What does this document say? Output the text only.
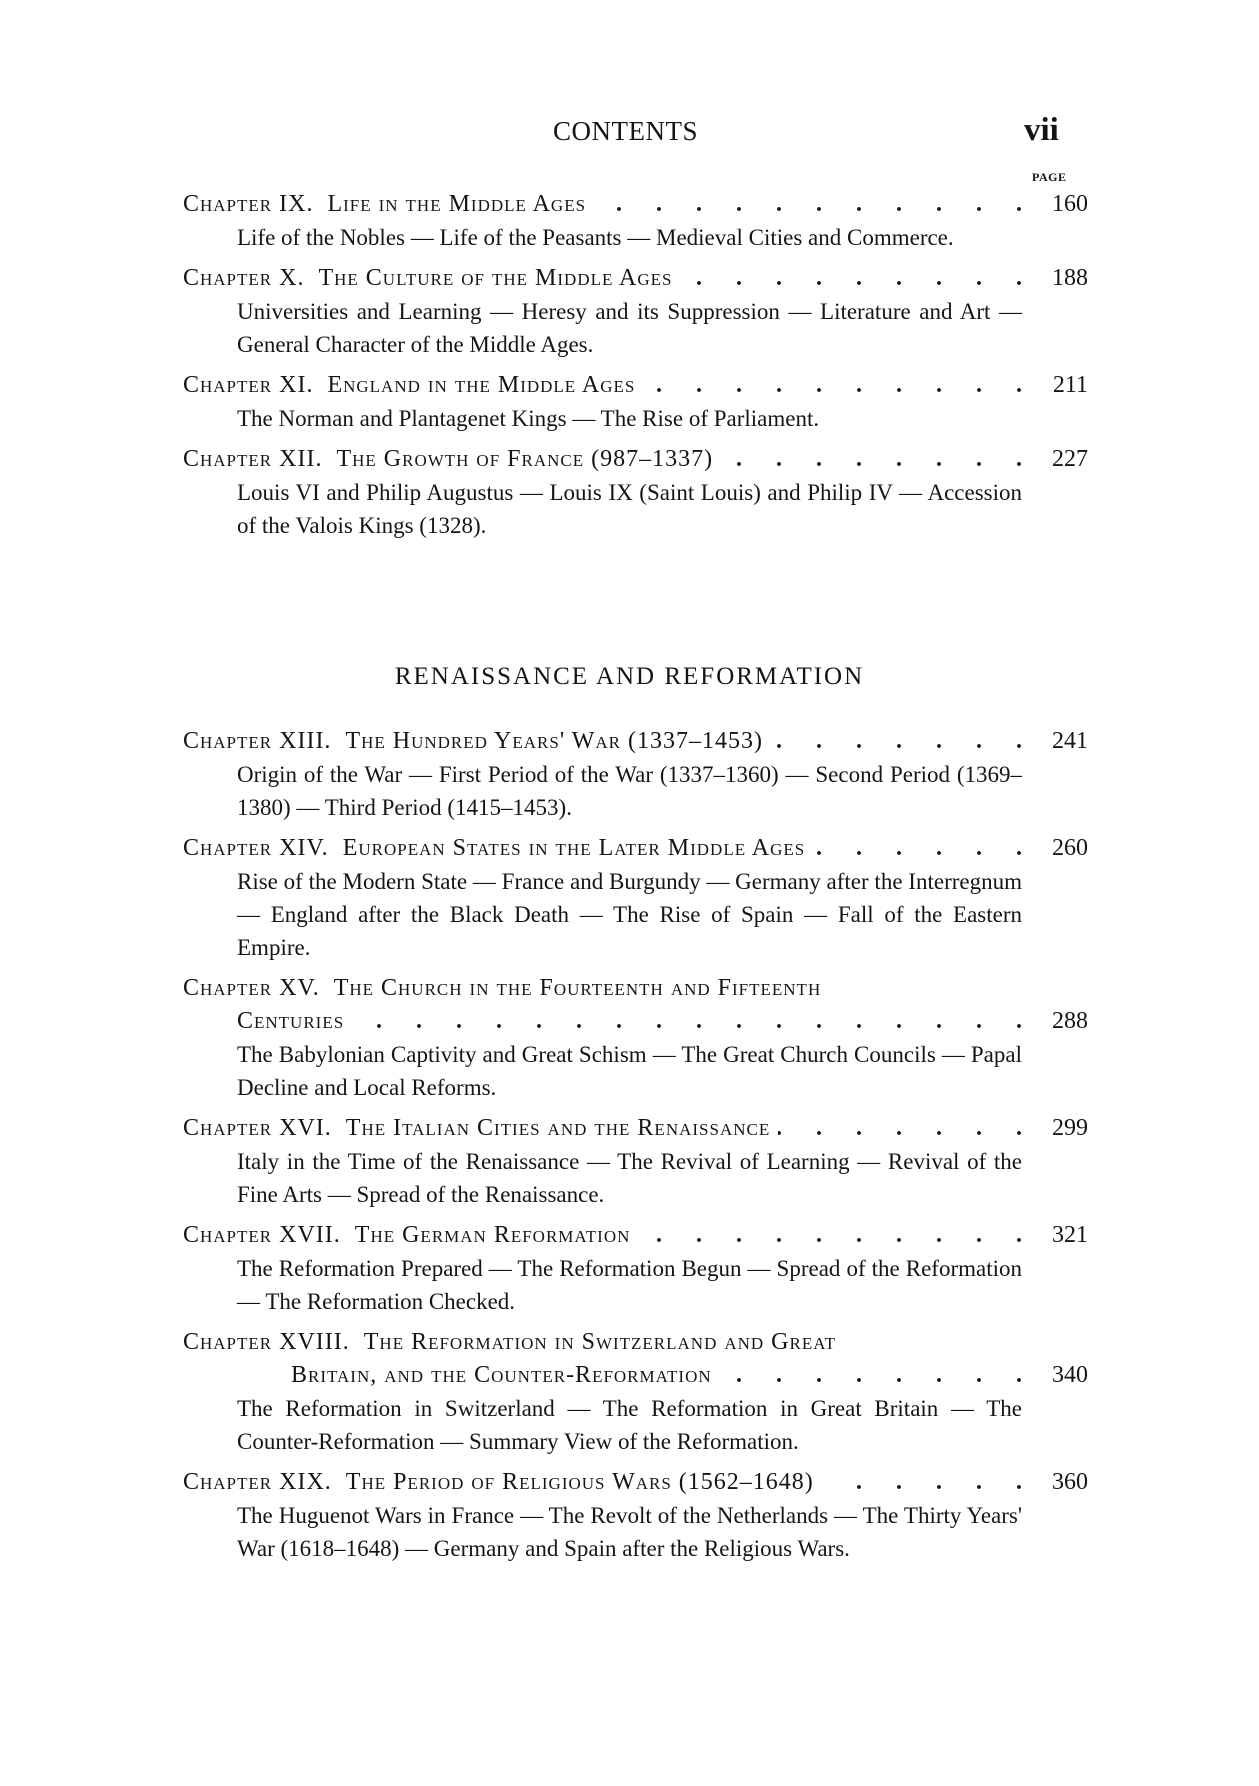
CONTENTS	vii
PAGE
Chapter IX. Life in the Middle Ages . . .	160
Life of the Nobles — Life of the Peasants — Medieval Cities and Commerce.
Chapter X. The Culture of the Middle Ages . . .	188
Universities and Learning — Heresy and its Suppression — Literature and Art — General Character of the Middle Ages.
Chapter XI. England in the Middle Ages . . .	211
The Norman and Plantagenet Kings — The Rise of Parliament.
Chapter XII. The Growth of France (987–1337) . . .	227
Louis VI and Philip Augustus — Louis IX (Saint Louis) and Philip IV — Accession of the Valois Kings (1328).
RENAISSANCE AND REFORMATION
Chapter XIII. The Hundred Years' War (1337–1453) . . .	241
Origin of the War — First Period of the War (1337–1360) — Second Period (1369–1380) — Third Period (1415–1453).
Chapter XIV. European States in the Later Middle Ages . . .	260
Rise of the Modern State — France and Burgundy — Germany after the Interregnum — England after the Black Death — The Rise of Spain — Fall of the Eastern Empire.
Chapter XV. The Church in the Fourteenth and Fifteenth
Centuries . . .	288
The Babylonian Captivity and Great Schism — The Great Church Councils — Papal Decline and Local Reforms.
Chapter XVI. The Italian Cities and the Renaissance . . .	299
Italy in the Time of the Renaissance — The Revival of Learning — Revival of the Fine Arts — Spread of the Renaissance.
Chapter XVII. The German Reformation . . .	321
The Reformation Prepared — The Reformation Begun — Spread of the Reformation — The Reformation Checked.
Chapter XVIII. The Reformation in Switzerland and Great
Britain, and the Counter-Reformation . . .	340
The Reformation in Switzerland — The Reformation in Great Britain — The Counter-Reformation — Summary View of the Reformation.
Chapter XIX. The Period of Religious Wars (1562–1648) . . .	360
The Huguenot Wars in France — The Revolt of the Netherlands — The Thirty Years' War (1618–1648) — Germany and Spain after the Religious Wars.
